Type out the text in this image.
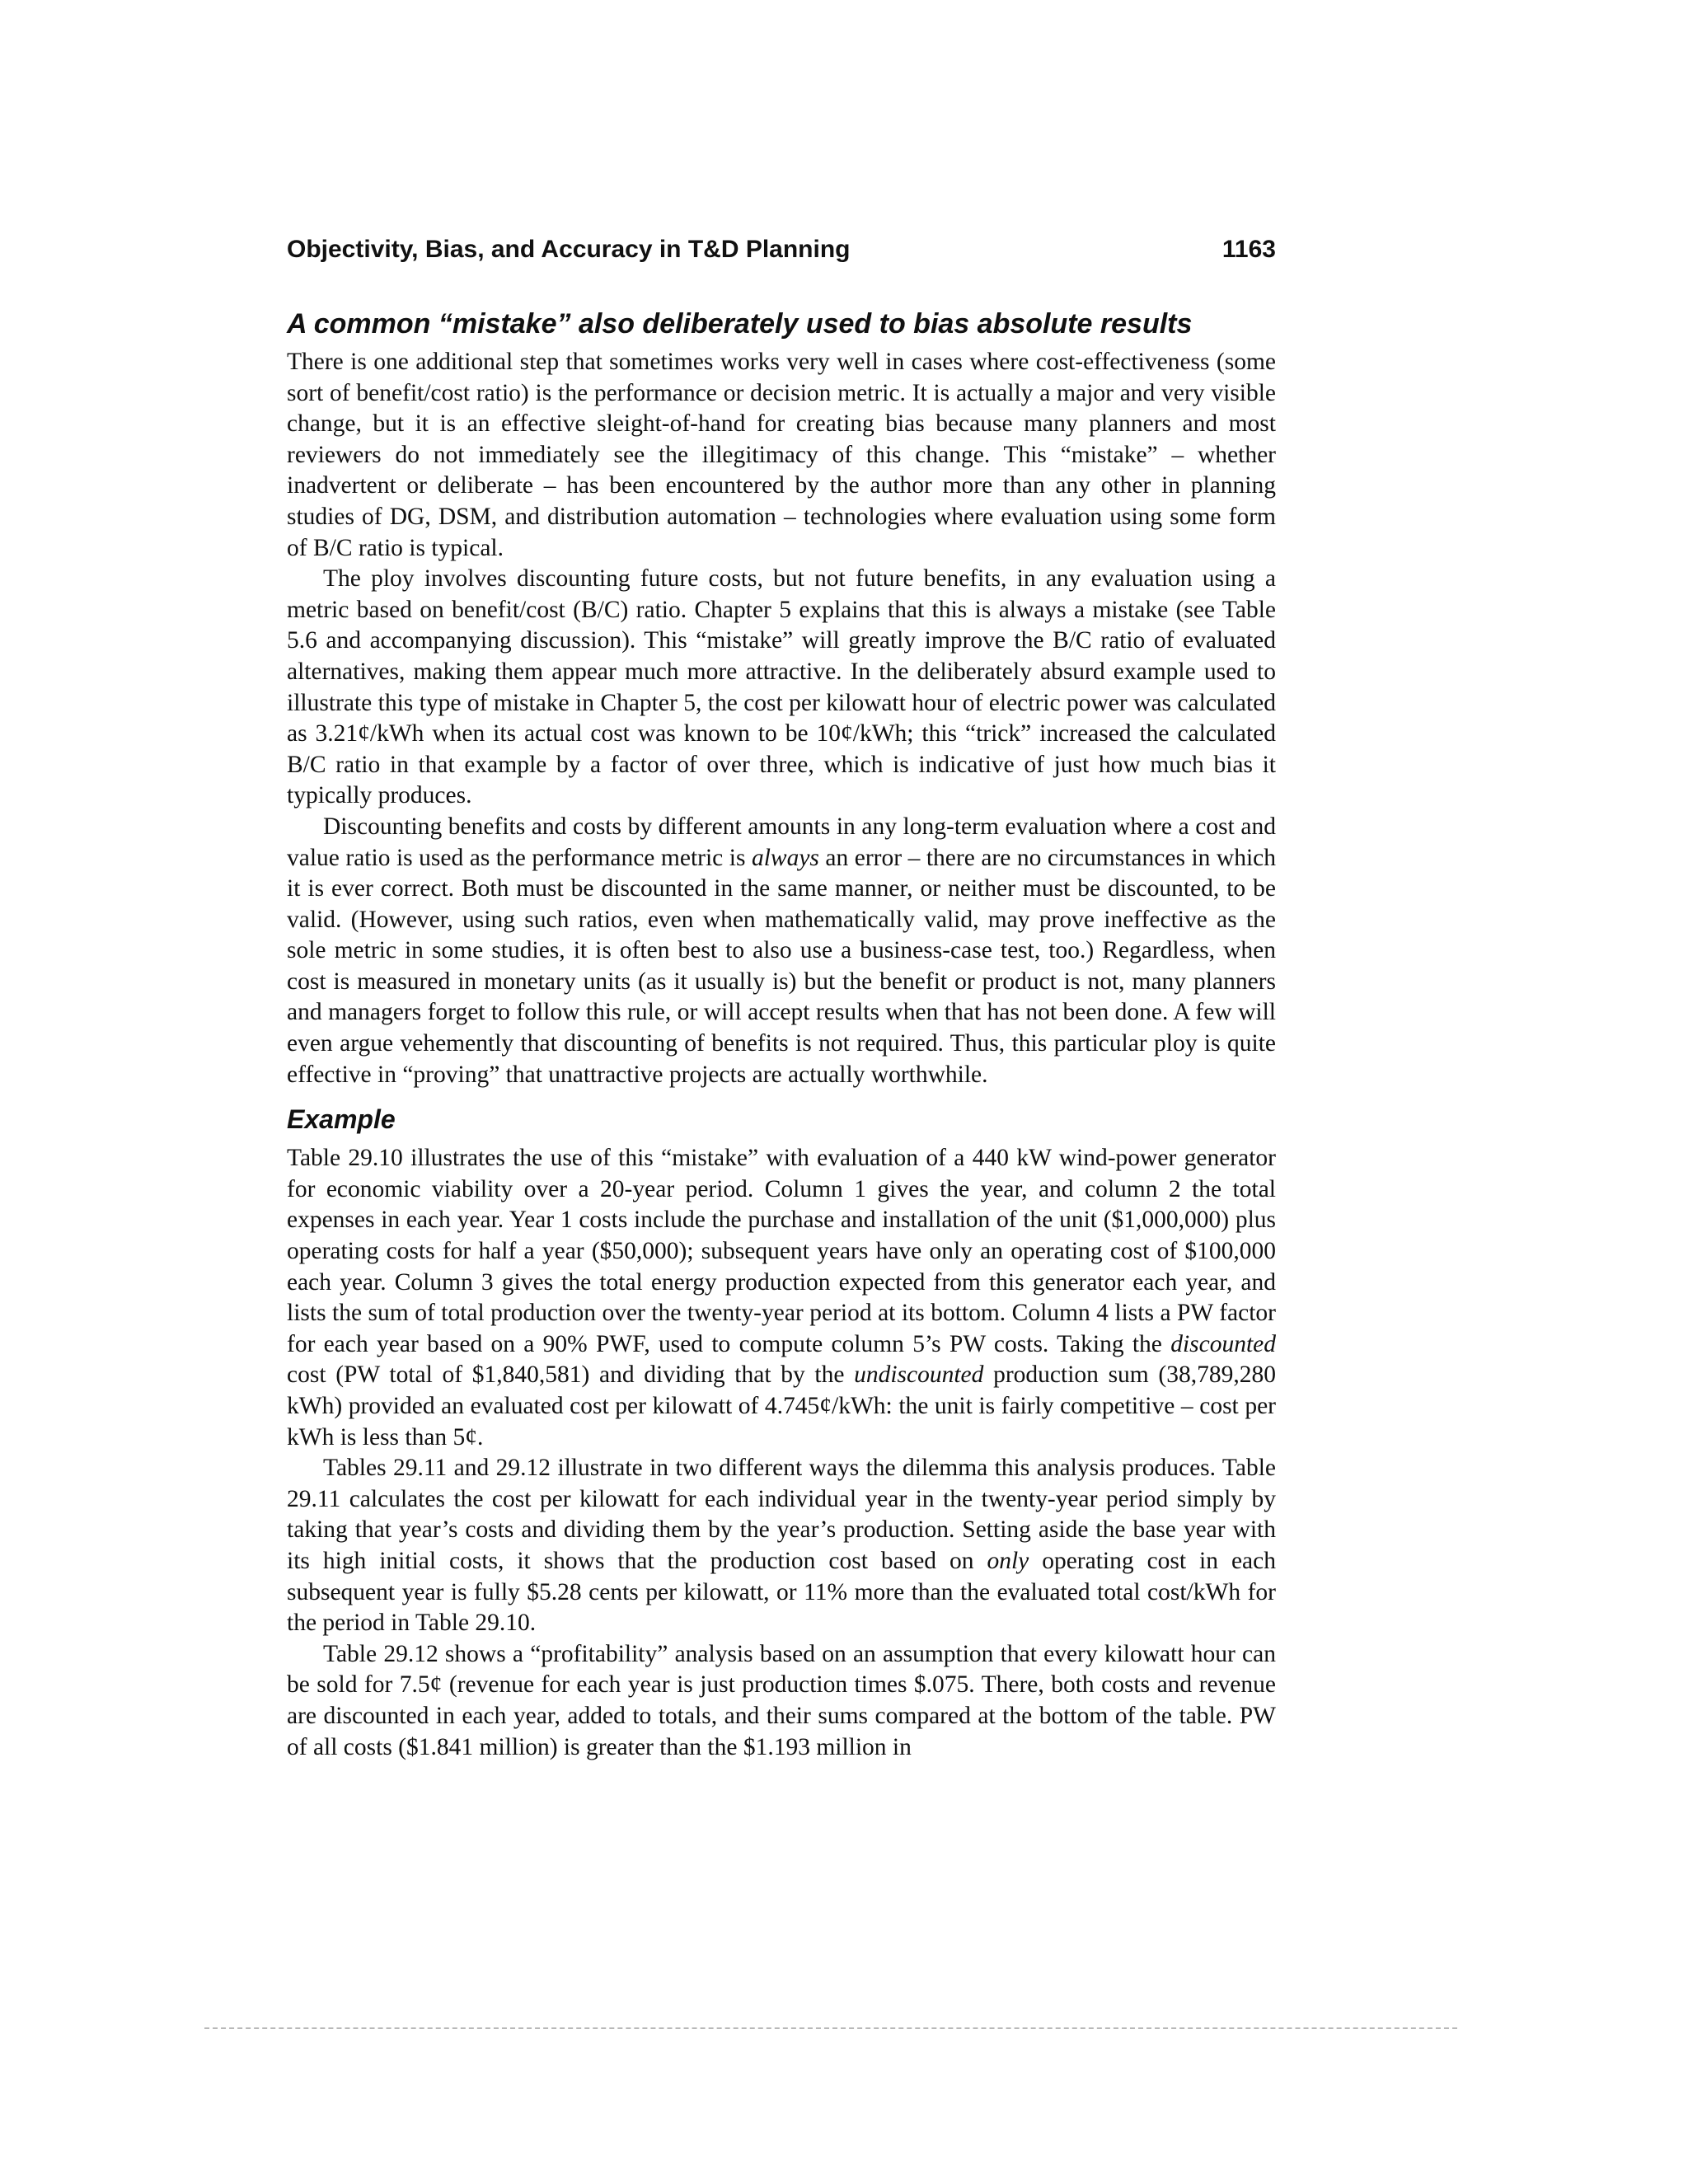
Objectivity, Bias, and Accuracy in T&D Planning	1163
A common “mistake” also deliberately used to bias absolute results

There is one additional step that sometimes works very well in cases where cost-effectiveness (some sort of benefit/cost ratio) is the performance or decision metric. It is actually a major and very visible change, but it is an effective sleight-of-hand for creating bias because many planners and most reviewers do not immediately see the illegitimacy of this change. This “mistake” – whether inadvertent or deliberate – has been encountered by the author more than any other in planning studies of DG, DSM, and distribution automation – technologies where evaluation using some form of B/C ratio is typical.

The ploy involves discounting future costs, but not future benefits, in any evaluation using a metric based on benefit/cost (B/C) ratio. Chapter 5 explains that this is always a mistake (see Table 5.6 and accompanying discussion). This “mistake” will greatly improve the B/C ratio of evaluated alternatives, making them appear much more attractive. In the deliberately absurd example used to illustrate this type of mistake in Chapter 5, the cost per kilowatt hour of electric power was calculated as 3.21¢/kWh when its actual cost was known to be 10¢/kWh; this “trick” increased the calculated B/C ratio in that example by a factor of over three, which is indicative of just how much bias it typically produces.

Discounting benefits and costs by different amounts in any long-term evaluation where a cost and value ratio is used as the performance metric is always an error – there are no circumstances in which it is ever correct. Both must be discounted in the same manner, or neither must be discounted, to be valid. (However, using such ratios, even when mathematically valid, may prove ineffective as the sole metric in some studies, it is often best to also use a business-case test, too.) Regardless, when cost is measured in monetary units (as it usually is) but the benefit or product is not, many planners and managers forget to follow this rule, or will accept results when that has not been done. A few will even argue vehemently that discounting of benefits is not required. Thus, this particular ploy is quite effective in “proving” that unattractive projects are actually worthwhile.

Example

Table 29.10 illustrates the use of this “mistake” with evaluation of a 440 kW wind-power generator for economic viability over a 20-year period. Column 1 gives the year, and column 2 the total expenses in each year. Year 1 costs include the purchase and installation of the unit ($1,000,000) plus operating costs for half a year ($50,000); subsequent years have only an operating cost of $100,000 each year. Column 3 gives the total energy production expected from this generator each year, and lists the sum of total production over the twenty-year period at its bottom. Column 4 lists a PW factor for each year based on a 90% PWF, used to compute column 5’s PW costs. Taking the discounted cost (PW total of $1,840,581) and dividing that by the undiscounted production sum (38,789,280 kWh) provided an evaluated cost per kilowatt of 4.745¢/kWh: the unit is fairly competitive – cost per kWh is less than 5¢.

Tables 29.11 and 29.12 illustrate in two different ways the dilemma this analysis produces. Table 29.11 calculates the cost per kilowatt for each individual year in the twenty-year period simply by taking that year’s costs and dividing them by the year’s production. Setting aside the base year with its high initial costs, it shows that the production cost based on only operating cost in each subsequent year is fully $5.28 cents per kilowatt, or 11% more than the evaluated total cost/kWh for the period in Table 29.10.

Table 29.12 shows a “profitability” analysis based on an assumption that every kilowatt hour can be sold for 7.5¢ (revenue for each year is just production times $.075. There, both costs and revenue are discounted in each year, added to totals, and their sums compared at the bottom of the table. PW of all costs ($1.841 million) is greater than the $1.193 million in
